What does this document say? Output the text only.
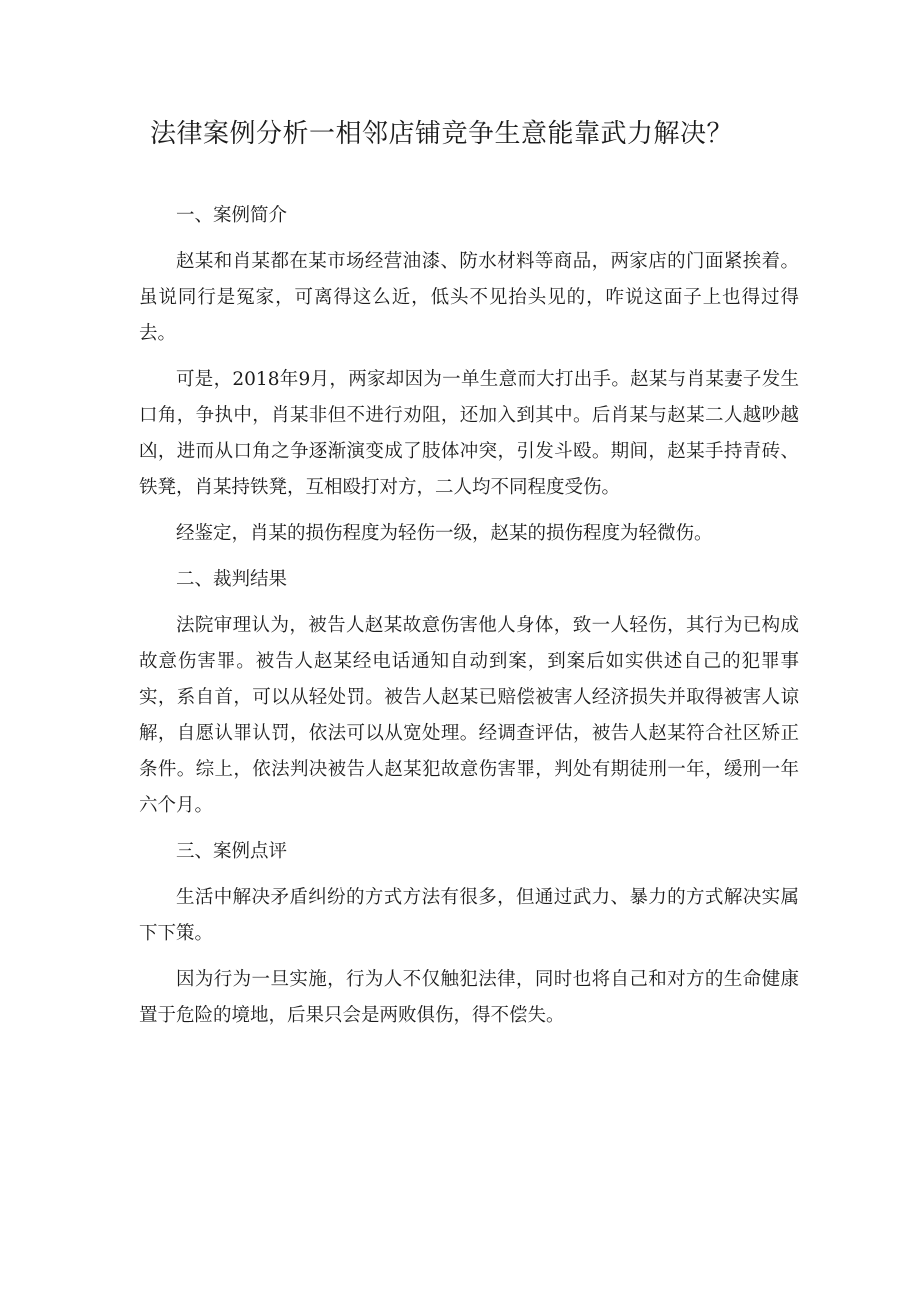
法律案例分析一相邻店铺竞争生意能靠武力解决？

一、案例简介

赵某和肖某都在某市场经营油漆、防水材料等商品，两家店的门面紧挨着。虽说同行是冤家，可离得这么近，低头不见抬头见的，咋说这面子上也得过得去。

可是，2018年9月，两家却因为一单生意而大打出手。赵某与肖某妻子发生口角，争执中，肖某非但不进行劝阻，还加入到其中。后肖某与赵某二人越吵越凶，进而从口角之争逐渐演变成了肢体冲突，引发斗殴。期间，赵某手持青砖、铁凳，肖某持铁凳，互相殴打对方，二人均不同程度受伤。

经鉴定，肖某的损伤程度为轻伤一级，赵某的损伤程度为轻微伤。

二、裁判结果

法院审理认为，被告人赵某故意伤害他人身体，致一人轻伤，其行为已构成故意伤害罪。被告人赵某经电话通知自动到案，到案后如实供述自己的犯罪事实，系自首，可以从轻处罚。被告人赵某已赔偿被害人经济损失并取得被害人谅解，自愿认罪认罚，依法可以从宽处理。经调查评估，被告人赵某符合社区矫正条件。综上，依法判决被告人赵某犯故意伤害罪，判处有期徒刑一年，缓刑一年六个月。

三、案例点评

生活中解决矛盾纠纷的方式方法有很多，但通过武力、暴力的方式解决实属下下策。

因为行为一旦实施，行为人不仅触犯法律，同时也将自己和对方的生命健康置于危险的境地，后果只会是两败俱伤，得不偿失。
